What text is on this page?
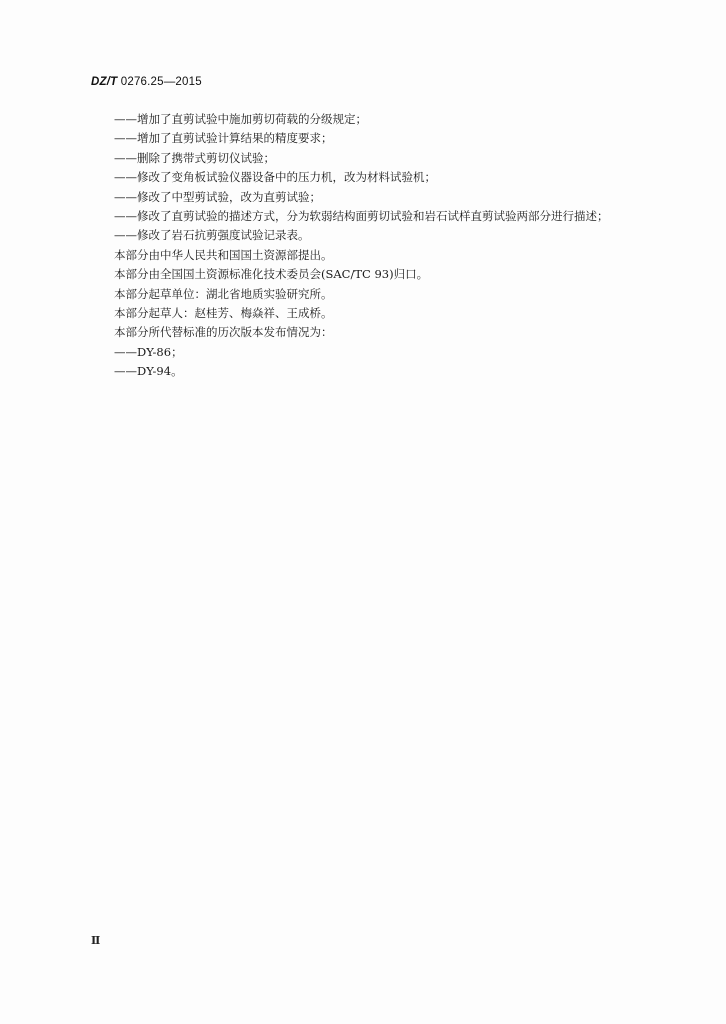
DZ/T 0276.25—2015
——增加了直剪试验中施加剪切荷载的分级规定；
——增加了直剪试验计算结果的精度要求；
——删除了携带式剪切仪试验；
——修改了变角板试验仪器设备中的压力机，改为材料试验机；
——修改了中型剪试验，改为直剪试验；
——修改了直剪试验的描述方式，分为软弱结构面剪切试验和岩石试样直剪试验两部分进行描述；
——修改了岩石抗剪强度试验记录表。
本部分由中华人民共和国国土资源部提出。
本部分由全国国土资源标准化技术委员会(SAC/TC 93)归口。
本部分起草单位：湖北省地质实验研究所。
本部分起草人：赵桂芳、梅焱祥、王成桥。
本部分所代替标准的历次版本发布情况为：
——DY-86；
——DY-94。
Ⅱ
